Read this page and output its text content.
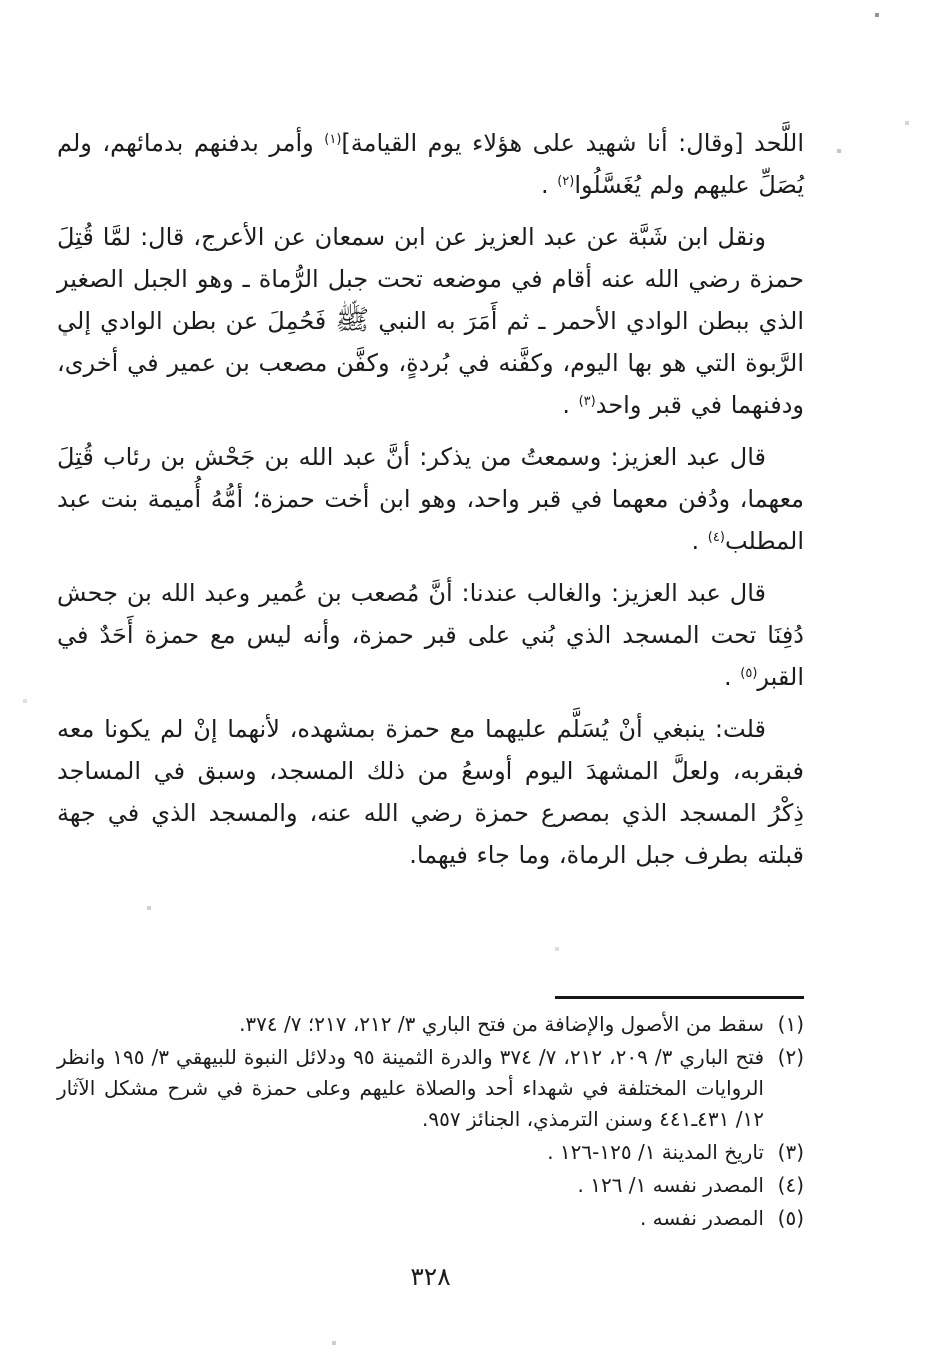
اللَّحد [وقال: أنا شهيد على هؤلاء يوم القيامة]$^{(١)}$ وأمر بدفنهم بدمائهم، ولم يُصَلِّ عليهم ولم يُغَسَّلُوا$^{(٢)}$ .

ونقل ابن شَبَّة عن عبد العزيز عن ابن سمعان عن الأعرج، قال: لمَّا قُتِلَ حمزة رضي الله عنه أقام في موضعه تحت جبل الرُّماة ـ وهو الجبل الصغير الذي ببطن الوادي الأحمر ـ ثم أَمَرَ به النبي ﷺ فَحُمِلَ عن بطن الوادي إلى الرَّبوة التي هو بها اليوم، وكفَّنه في بُردةٍ، وكفَّن مصعب بن عمير في أخرى، ودفنهما في قبر واحد$^{(٣)}$ .

قال عبد العزيز: وسمعتُ من يذكر: أنَّ عبد الله بن جَحْش بن رئاب قُتِلَ معهما، ودُفن معهما في قبر واحد، وهو ابن أخت حمزة؛ أمُّهُ أُميمة بنت عبد المطلب$^{(٤)}$ .

قال عبد العزيز: والغالب عندنا: أنَّ مُصعب بن عُمير وعبد الله بن جحش دُفِنَا تحت المسجد الذي بُني على قبر حمزة، وأنه ليس مع حمزة أَحَدٌ في القبر$^{(٥)}$ .

قلت: ينبغي أنْ يُسَلَّم عليهما مع حمزة بمشهده، لأنهما إنْ لم يكونا معه فبقربه، ولعلَّ المشهدَ اليوم أوسعُ من ذلك المسجد، وسبق في المساجد ذِكْرُ المسجد الذي بمصرع حمزة رضي الله عنه، والمسجد الذي في جهة قبلته بطرف جبل الرماة، وما جاء فيهما.

(١)
سقط من الأصول والإضافة من فتح الباري ٣/ ٢١٢، ٢١٧؛ ٧/ ٣٧٤.
(٢)
فتح الباري ٣/ ٢٠٩، ٢١٢، ٧/ ٣٧٤ والدرة الثمينة ٩٥ ودلائل النبوة للبيهقي ٣/ ١٩٥ وانظر الروايات المختلفة في شهداء أحد والصلاة عليهم وعلى حمزة في شرح مشكل الآثار ١٢/ ٤٣١ـ٤٤١ وسنن الترمذي، الجنائز ٩٥٧.
(٣)
تاريخ المدينة ١/ ١٢٥-١٢٦ .
(٤)
المصدر نفسه ١/ ١٢٦ .
(٥)
المصدر نفسه .
٣٢٨
